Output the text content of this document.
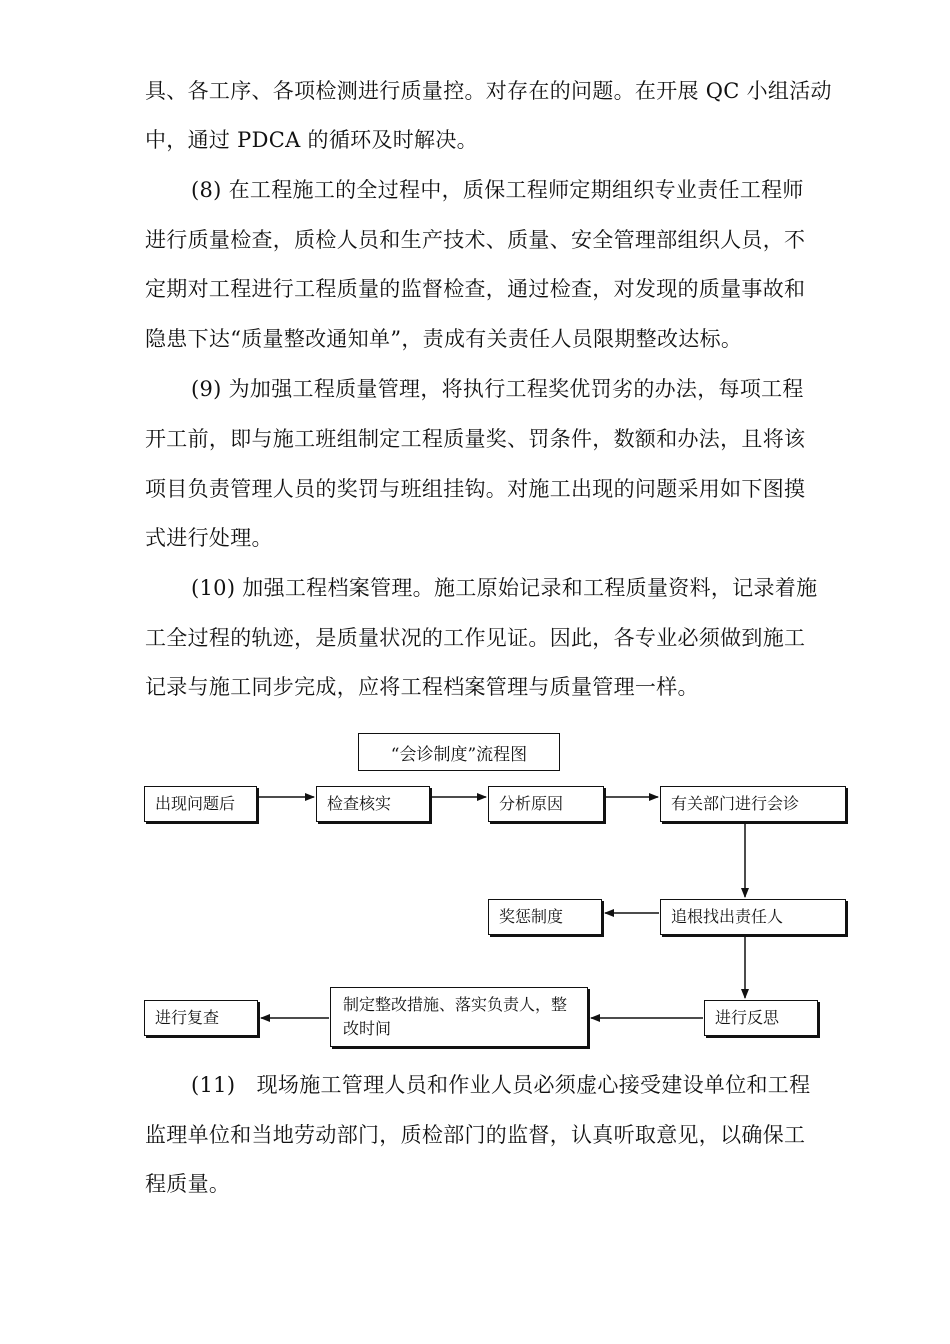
具、各工序、各项检测进行质量控。对存在的问题。在开展 QC 小组活动
中，通过 PDCA 的循环及时解决。
(8) 在工程施工的全过程中，质保工程师定期组织专业责任工程师
进行质量检查，质检人员和生产技术、质量、安全管理部组织人员，不
定期对工程进行工程质量的监督检查，通过检查，对发现的质量事故和
隐患下达“质量整改通知单”，责成有关责任人员限期整改达标。
(9) 为加强工程质量管理，将执行工程奖优罚劣的办法，每项工程
开工前，即与施工班组制定工程质量奖、罚条件，数额和办法，且将该
项目负责管理人员的奖罚与班组挂钩。对施工出现的问题采用如下图摸
式进行处理。
(10) 加强工程档案管理。施工原始记录和工程质量资料，记录着施
工全过程的轨迹，是质量状况的工作见证。因此，各专业必须做到施工
记录与施工同步完成，应将工程档案管理与质量管理一样。
“会诊制度”流程图
出现问题后	检查核实	分析原因	有关部门进行会诊
追根找出责任人
奖惩制度
进行反思
制定整改措施、落实负责人，整改时间
进行复查
(11)　现场施工管理人员和作业人员必须虚心接受建设单位和工程
监理单位和当地劳动部门，质检部门的监督，认真听取意见，以确保工
程质量。
